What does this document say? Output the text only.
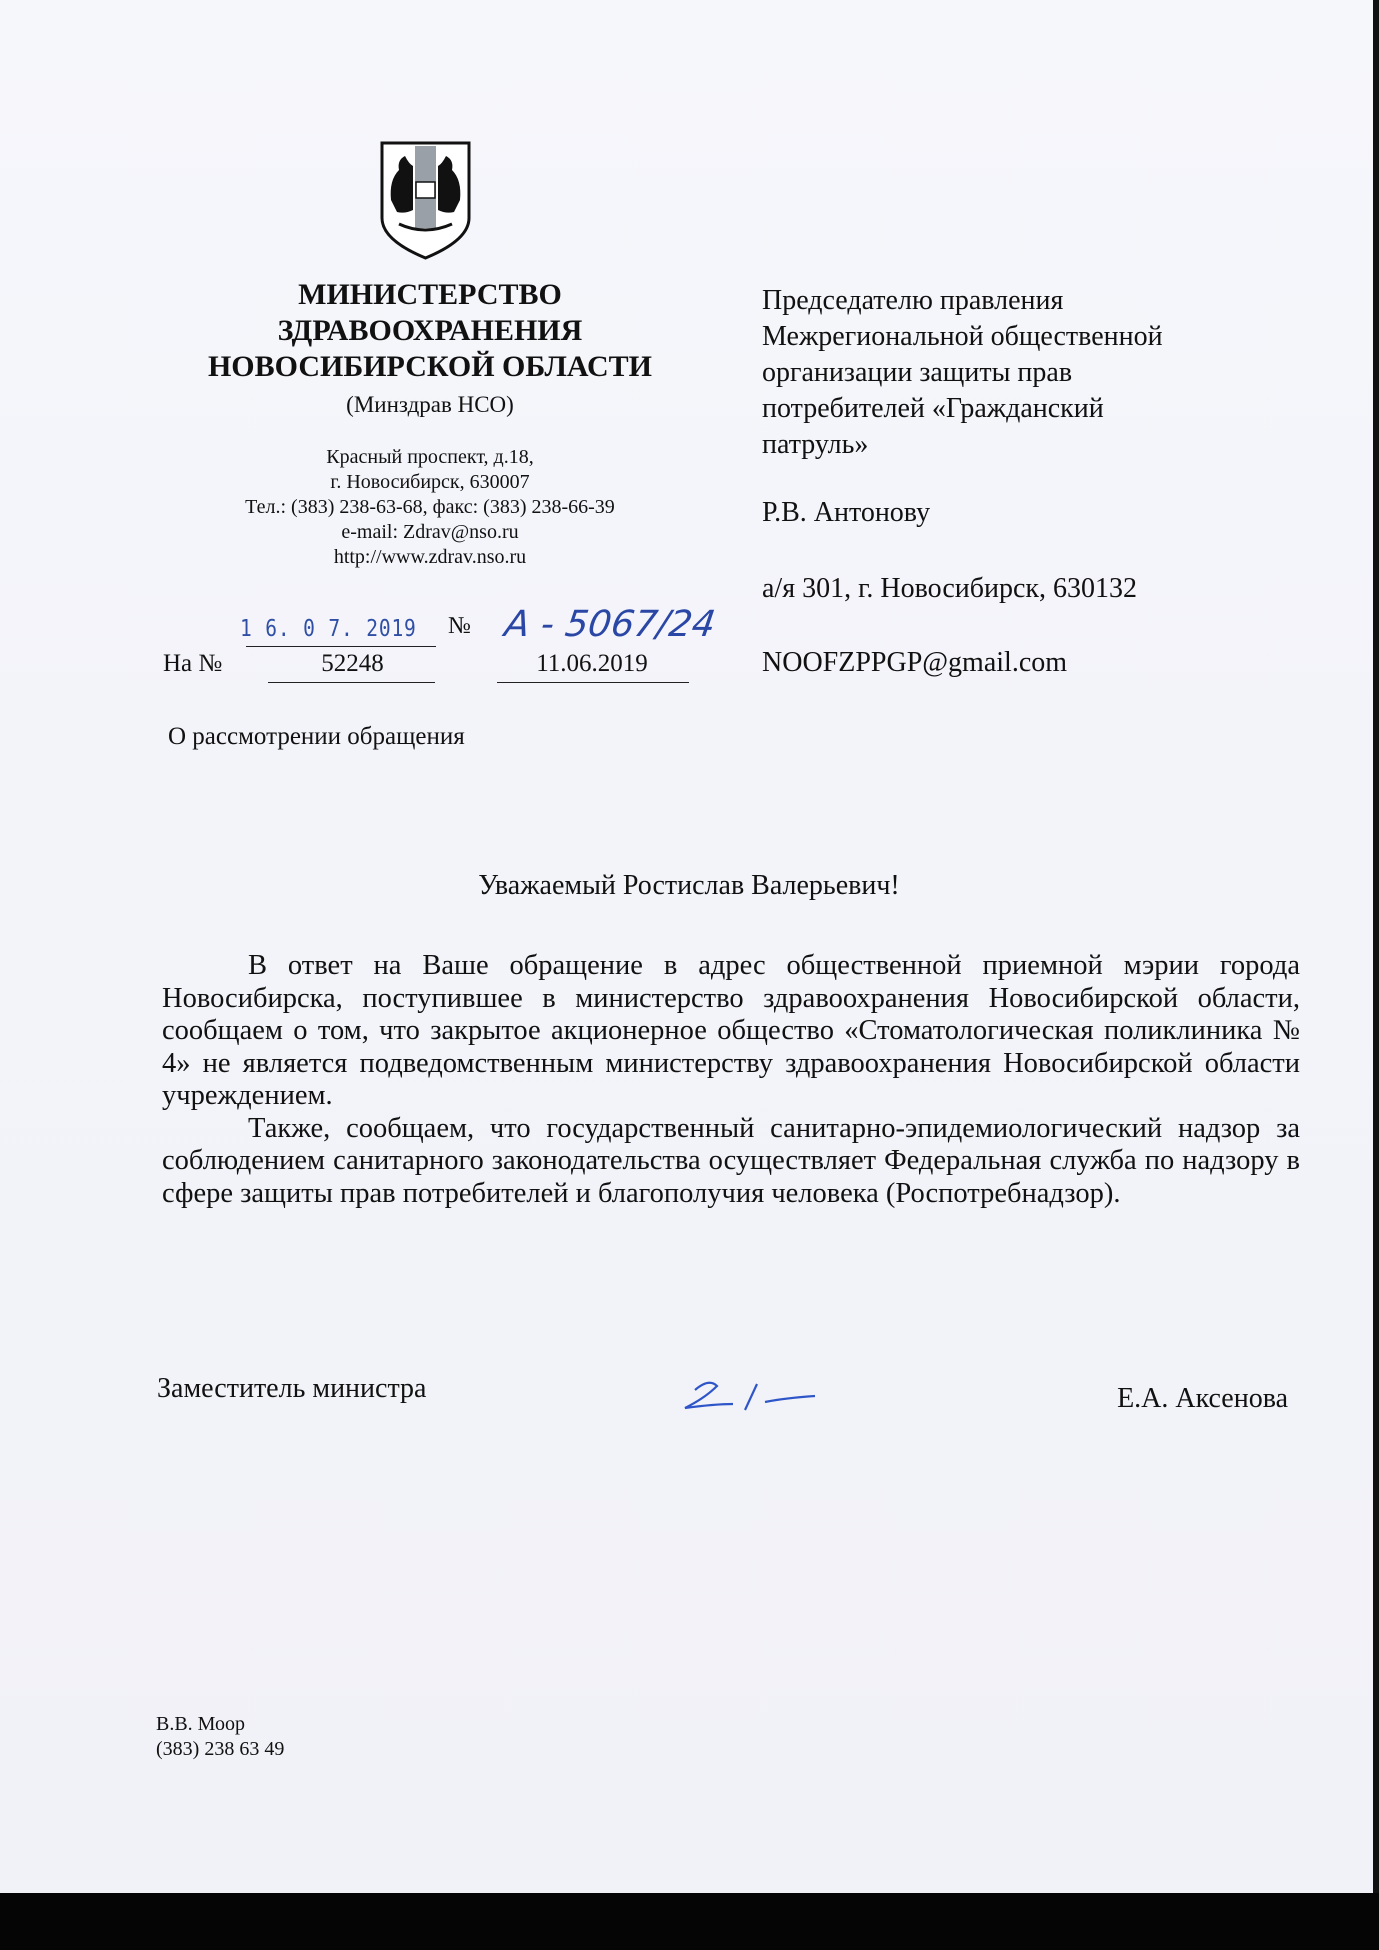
МИНИСТЕРСТВО
ЗДРАВООХРАНЕНИЯ
НОВОСИБИРСКОЙ ОБЛАСТИ
(Минздрав НСО)
Красный проспект, д.18,
г. Новосибирск, 630007
Тел.: (383) 238-63-68, факс: (383) 238-66-39
e-mail: Zdrav@nso.ru
http://www.zdrav.nso.ru
1 6. 0 7. 2019 № А - 5067/24
На №	52248	11.06.2019
О рассмотрении обращения
Председателю правления
Межрегиональной общественной
организации защиты прав
потребителей «Гражданский
патруль»
Р.В. Антонову
а/я 301, г. Новосибирск, 630132
NOOFZPPGP@gmail.com
Уважаемый Ростислав Валерьевич!

В ответ на Ваше обращение в адрес общественной приемной мэрии города Новосибирска, поступившее в министерство здравоохранения Новосибирской области, сообщаем о том, что закрытое акционерное общество «Стоматологическая поликлиника № 4» не является подведомственным министерству здравоохранения Новосибирской области учреждением.

Также, сообщаем, что государственный санитарно-эпидемиологический надзор за соблюдением санитарного законодательства осуществляет Федеральная служба по надзору в сфере защиты прав потребителей и благополучия человека (Роспотребнадзор).

Заместитель министра	Е.А. Аксенова
В.В. Моор
(383) 238 63 49
